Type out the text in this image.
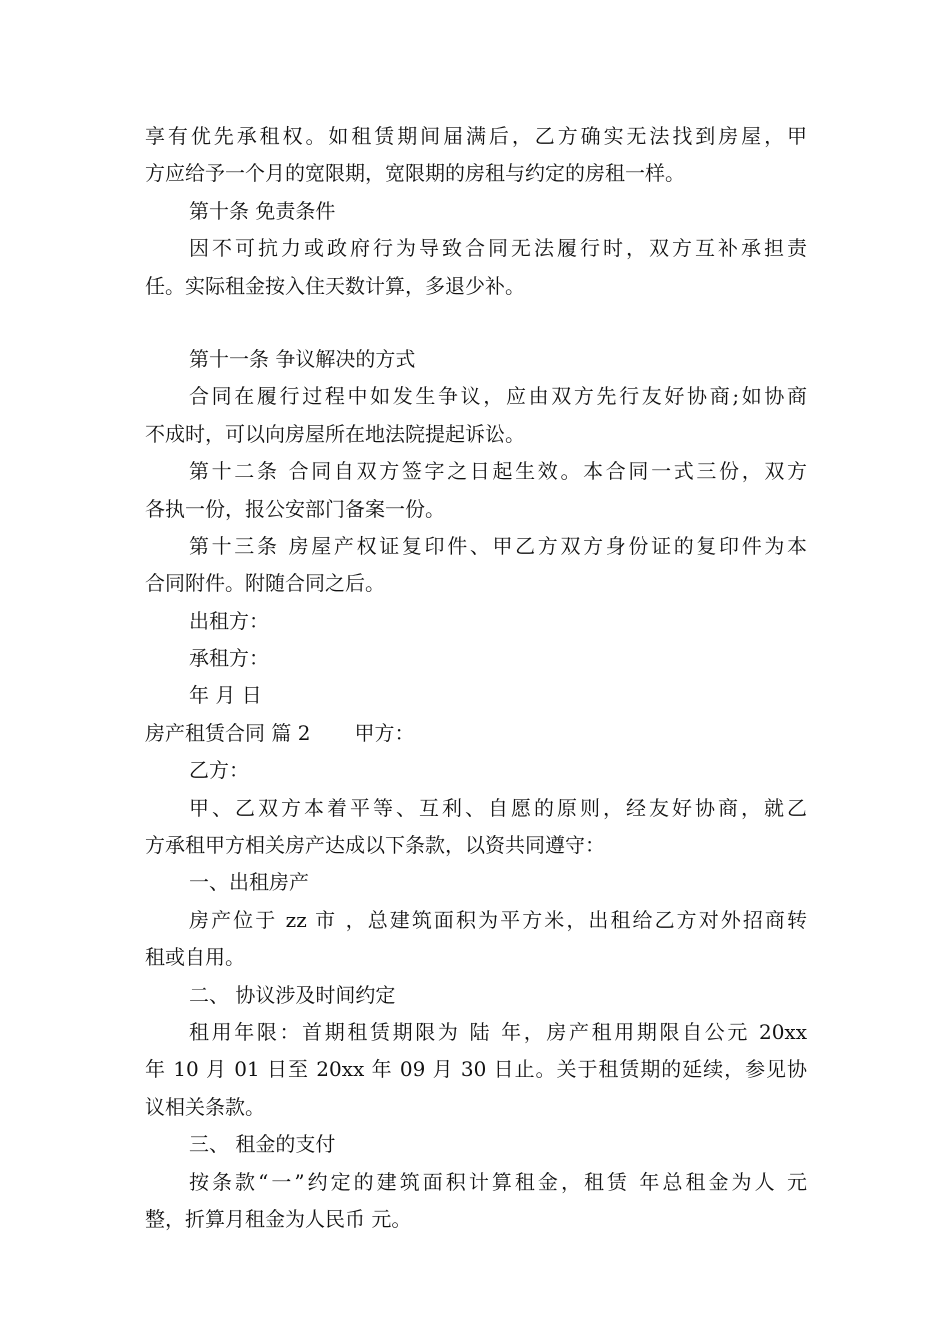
享有优先承租权。如租赁期间届满后，乙方确实无法找到房屋，甲
方应给予一个月的宽限期，宽限期的房租与约定的房租一样。
第十条 免责条件
因不可抗力或政府行为导致合同无法履行时，双方互补承担责
任。实际租金按入住天数计算，多退少补。
第十一条 争议解决的方式
合同在履行过程中如发生争议，应由双方先行友好协商;如协商
不成时，可以向房屋所在地法院提起诉讼。
第十二条 合同自双方签字之日起生效。本合同一式三份，双方
各执一份，报公安部门备案一份。
第十三条 房屋产权证复印件、甲乙方双方身份证的复印件为本
合同附件。附随合同之后。
出租方：
承租方：
年 月 日
房产租赁合同 篇 2 甲方：
乙方：
甲、乙双方本着平等、互利、自愿的原则，经友好协商，就乙
方承租甲方相关房产达成以下条款，以资共同遵守：
一、出租房产
房产位于 zz 市 ，总建筑面积为平方米，出租给乙方对外招商转
租或自用。
二、 协议涉及时间约定
租用年限：首期租赁期限为 陆 年，房产租用期限自公元 20xx
年 10 月 01 日至 20xx 年 09 月 30 日止。关于租赁期的延续，参见协
议相关条款。
三、 租金的支付
按条款“一”约定的建筑面积计算租金，租赁 年总租金为人 元
整，折算月租金为人民币 元。
